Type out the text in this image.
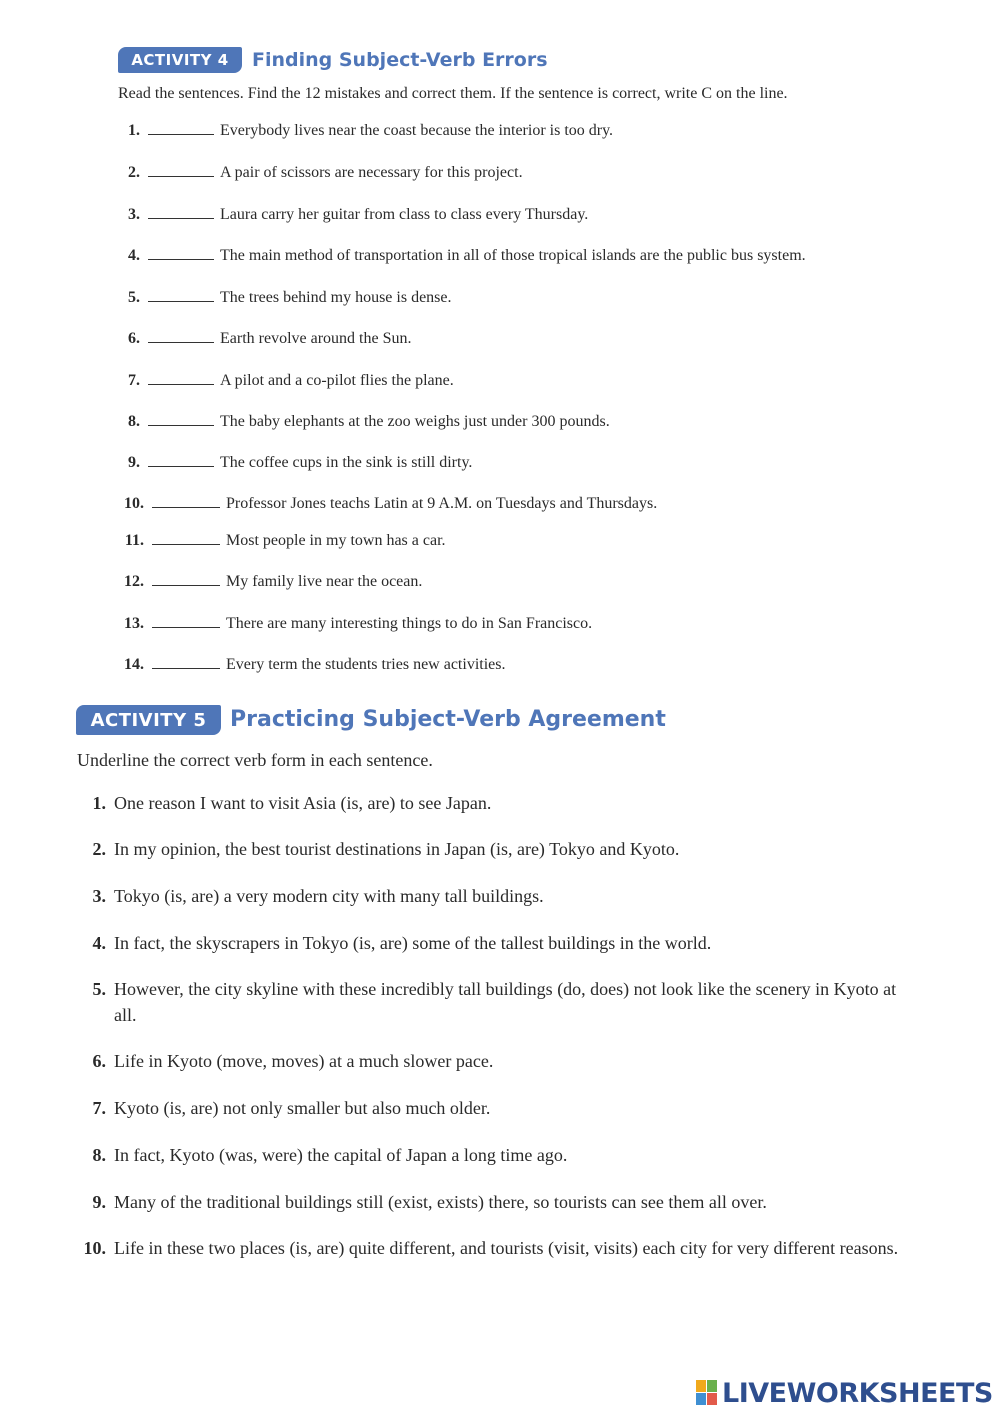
ACTIVITY 4	Finding Subject-Verb Errors
Read the sentences. Find the 12 mistakes and correct them. If the sentence is correct, write C on the line.
1.	Everybody lives near the coast because the interior is too dry.
2.	A pair of scissors are necessary for this project.
3.	Laura carry her guitar from class to class every Thursday.
4.	The main method of transportation in all of those tropical islands are the public bus system.
5.	The trees behind my house is dense.
6.	Earth revolve around the Sun.
7.	A pilot and a co-pilot flies the plane.
8.	The baby elephants at the zoo weighs just under 300 pounds.
9.	The coffee cups in the sink is still dirty.
10.	Professor Jones teachs Latin at 9 A.M. on Tuesdays and Thursdays.
11.	Most people in my town has a car.
12.	My family live near the ocean.
13.	There are many interesting things to do in San Francisco.
14.	Every term the students tries new activities.
ACTIVITY 5	Practicing Subject-Verb Agreement
Underline the correct verb form in each sentence.
1. One reason I want to visit Asia (is, are) to see Japan.
2. In my opinion, the best tourist destinations in Japan (is, are) Tokyo and Kyoto.
3. Tokyo (is, are) a very modern city with many tall buildings.
4. In fact, the skyscrapers in Tokyo (is, are) some of the tallest buildings in the world.
5. However, the city skyline with these incredibly tall buildings (do, does) not look like the scenery in Kyoto at all.
6. Life in Kyoto (move, moves) at a much slower pace.
7. Kyoto (is, are) not only smaller but also much older.
8. In fact, Kyoto (was, were) the capital of Japan a long time ago.
9. Many of the traditional buildings still (exist, exists) there, so tourists can see them all over.
10. Life in these two places (is, are) quite different, and tourists (visit, visits) each city for very different reasons.
LIVEWORKSHEETS
